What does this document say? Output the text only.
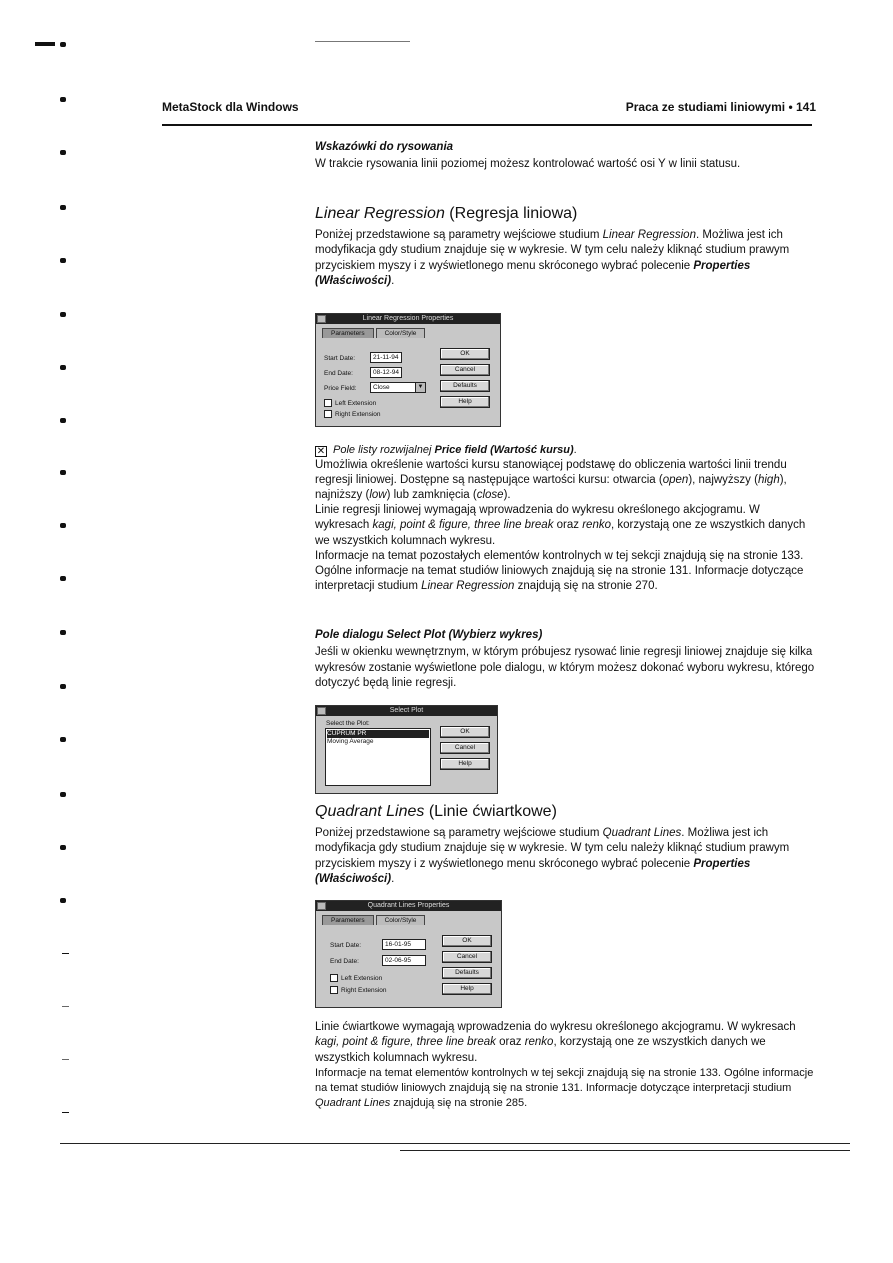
MetaStock dla Windows	Praca ze studiami liniowymi • 141

Wskazówki do rysowania

W trakcie rysowania linii poziomej możesz kontrolować wartość osi Y w linii statusu.

Linear Regression (Regresja liniowa)

Poniżej przedstawione są parametry wejściowe studium Linear Regression. Możliwa jest ich modyfikacja gdy studium znajduje się w wykresie. W tym celu należy kliknąć studium prawym przyciskiem myszy i z wyświetlonego menu skróconego wybrać polecenie Properties (Właściwości).

Linear Regression Properties
Parameters	Color/Style
Start Date:	21-11-94
End Date:	08-12-94
Price Field:	Close	▼
Left Extension
Right Extension
OK
Cancel
Defaults
Help

✕ Pole listy rozwijalnej Price field (Wartość kursu).

Umożliwia określenie wartości kursu stanowiącej podstawę do obliczenia wartości linii trendu regresji liniowej. Dostępne są następujące wartości kursu: otwarcia (open), najwyższy (high), najniższy (low) lub zamknięcia (close).

Linie regresji liniowej wymagają wprowadzenia do wykresu określonego akcjogramu. W wykresach kagi, point & figure, three line break oraz renko, korzystają one ze wszystkich danych we wszystkich kolumnach wykresu.

Informacje na temat pozostałych elementów kontrolnych w tej sekcji znajdują się na stronie 133. Ogólne informacje na temat studiów liniowych znajdują się na stronie 131. Informacje dotyczące interpretacji studium Linear Regression znajdują się na stronie 270.

Pole dialogu Select Plot (Wybierz wykres)

Jeśli w okienku wewnętrznym, w którym próbujesz rysować linie regresji liniowej znajduje się kilka wykresów zostanie wyświetlone pole dialogu, w którym możesz dokonać wyboru wykresu, którego dotyczyć będą linie regresji.

Select Plot
Select the Plot:
CUPRUM PR
Moving Average
OK
Cancel
Help

Quadrant Lines (Linie ćwiartkowe)

Poniżej przedstawione są parametry wejściowe studium Quadrant Lines. Możliwa jest ich modyfikacja gdy studium znajduje się w wykresie. W tym celu należy kliknąć studium prawym przyciskiem myszy i z wyświetlonego menu skróconego wybrać polecenie Properties (Właściwości).

Quadrant Lines Properties
Parameters	Color/Style
Start Date:	16-01-95
End Date:	02-06-95
Left Extension
Right Extension
OK
Cancel
Defaults
Help

Linie ćwiartkowe wymagają wprowadzenia do wykresu określonego akcjogramu. W wykresach kagi, point & figure, three line break oraz renko, korzystają one ze wszystkich danych we wszystkich kolumnach wykresu.

Informacje na temat elementów kontrolnych w tej sekcji znajdują się na stronie 133. Ogólne informacje na temat studiów liniowych znajdują się na stronie 131. Informacje dotyczące interpretacji studium Quadrant Lines znajdują się na stronie 285.
